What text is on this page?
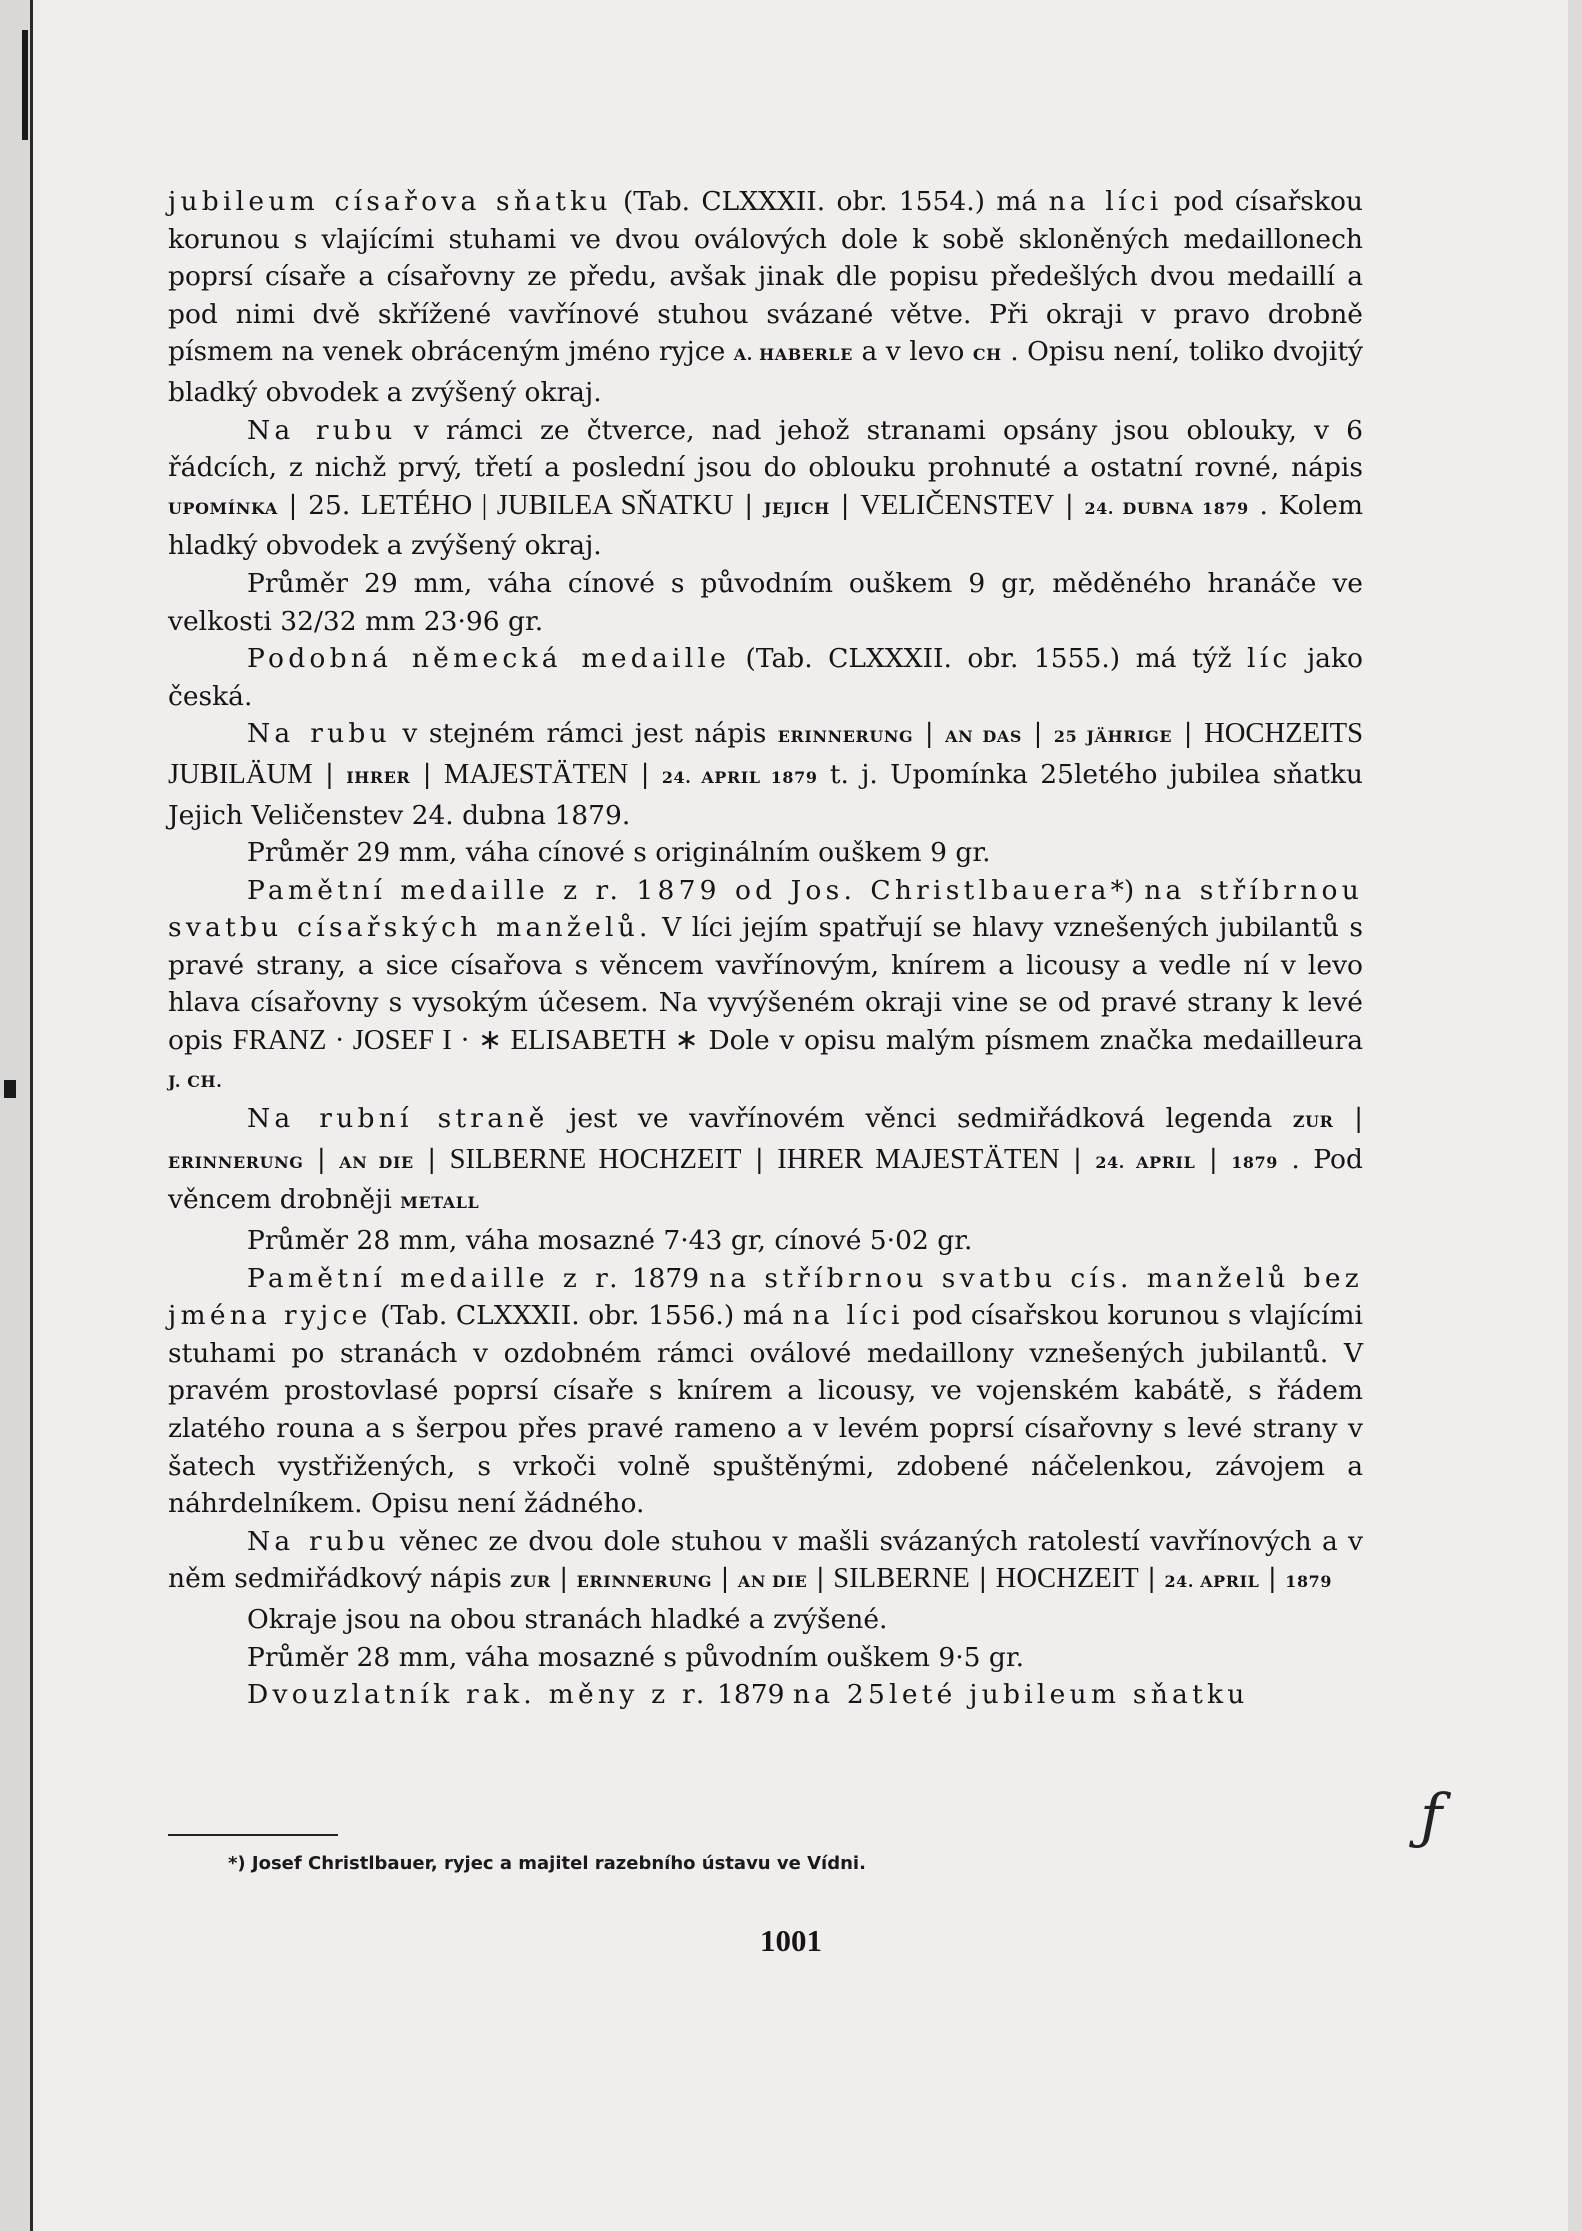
jubileum císařova sňatku (Tab. CLXXXII. obr. 1554.) má na líci pod císařskou korunou s vlajícími stuhami ve dvou oválových dole k sobě skloněných medaillonech poprsí císaře a císařovny ze předu, avšak jinak dle popisu předešlých dvou medaillí a pod nimi dvě skřížené vavřínové stuhou svázané větve. Při okraji v pravo drobně písmem na venek obráceným jméno ryjce A. HABERLE a v levo CH . Opisu není, toliko dvojitý bladký obvodek a zvýšený okraj.

Na rubu v rámci ze čtverce, nad jehož stranami opsány jsou oblouky, v 6 řádcích, z nichž prvý, třetí a poslední jsou do oblouku prohnuté a ostatní rovné, nápis UPOMÍNKA | 25. LETÉHO | JUBILEA SŇATKU | JEJICH | VELIČENSTEV | 24. DUBNA 1879 . Kolem hladký obvodek a zvýšený okraj.

Průměr 29 mm, váha cínové s původním ouškem 9 gr, měděného hranáče ve velkosti 32/32 mm 23·96 gr.

Podobná německá medaille (Tab. CLXXXII. obr. 1555.) má týž líc jako česká.

Na rubu v stejném rámci jest nápis ERINNERUNG | AN DAS | 25 JÄHRIGE | HOCHZEITS JUBILÄUM | IHRER | MAJESTÄTEN | 24. APRIL 1879 t. j. Upomínka 25letého jubilea sňatku Jejich Veličenstev 24. dubna 1879.

Průměr 29 mm, váha cínové s originálním ouškem 9 gr.

Pamětní medaille z r. 1879 od Jos. Christlbauera*) na stříbrnou svatbu císařských manželů. V líci jejím spatřují se hlavy vznešených jubilantů s pravé strany, a sice císařova s věncem vavřínovým, knírem a licousy a vedle ní v levo hlava císařovny s vysokým účesem. Na vyvýšeném okraji vine se od pravé strany k levé opis FRANZ · JOSEF I · ∗ ELISABETH ∗ Dole v opisu malým písmem značka medailleura J. CH.

Na rubní straně jest ve vavřínovém věnci sedmiřádková legenda ZUR | ERINNERUNG | AN DIE | SILBERNE HOCHZEIT | IHRER MAJESTÄTEN | 24. APRIL | 1879 . Pod věncem drobněji METALL

Průměr 28 mm, váha mosazné 7·43 gr, cínové 5·02 gr.

Pamětní medaille z r. 1879 na stříbrnou svatbu cís. manželů bez jména ryjce (Tab. CLXXXII. obr. 1556.) má na líci pod císařskou korunou s vlajícími stuhami po stranách v ozdobném rámci oválové medaillony vznešených jubilantů. V pravém prostovlasé poprsí císaře s knírem a licousy, ve vojenském kabátě, s řádem zlatého rouna a s šerpou přes pravé rameno a v levém poprsí císařovny s levé strany v šatech vystřižených, s vrkoči volně spuštěnými, zdobené náčelenkou, závojem a náhrdelníkem. Opisu není žádného.

Na rubu věnec ze dvou dole stuhou v mašli svázaných ratolestí vavřínových a v něm sedmiřádkový nápis ZUR | ERINNERUNG | AN DIE | SILBERNE | HOCHZEIT | 24. APRIL | 1879

Okraje jsou na obou stranách hladké a zvýšené.

Průměr 28 mm, váha mosazné s původním ouškem 9·5 gr.

Dvouzlatník rak. měny z r. 1879 na 25leté jubileum sňatku

ƒ
*) Josef Christlbauer, ryjec a majitel razebního ústavu ve Vídni.
1001
